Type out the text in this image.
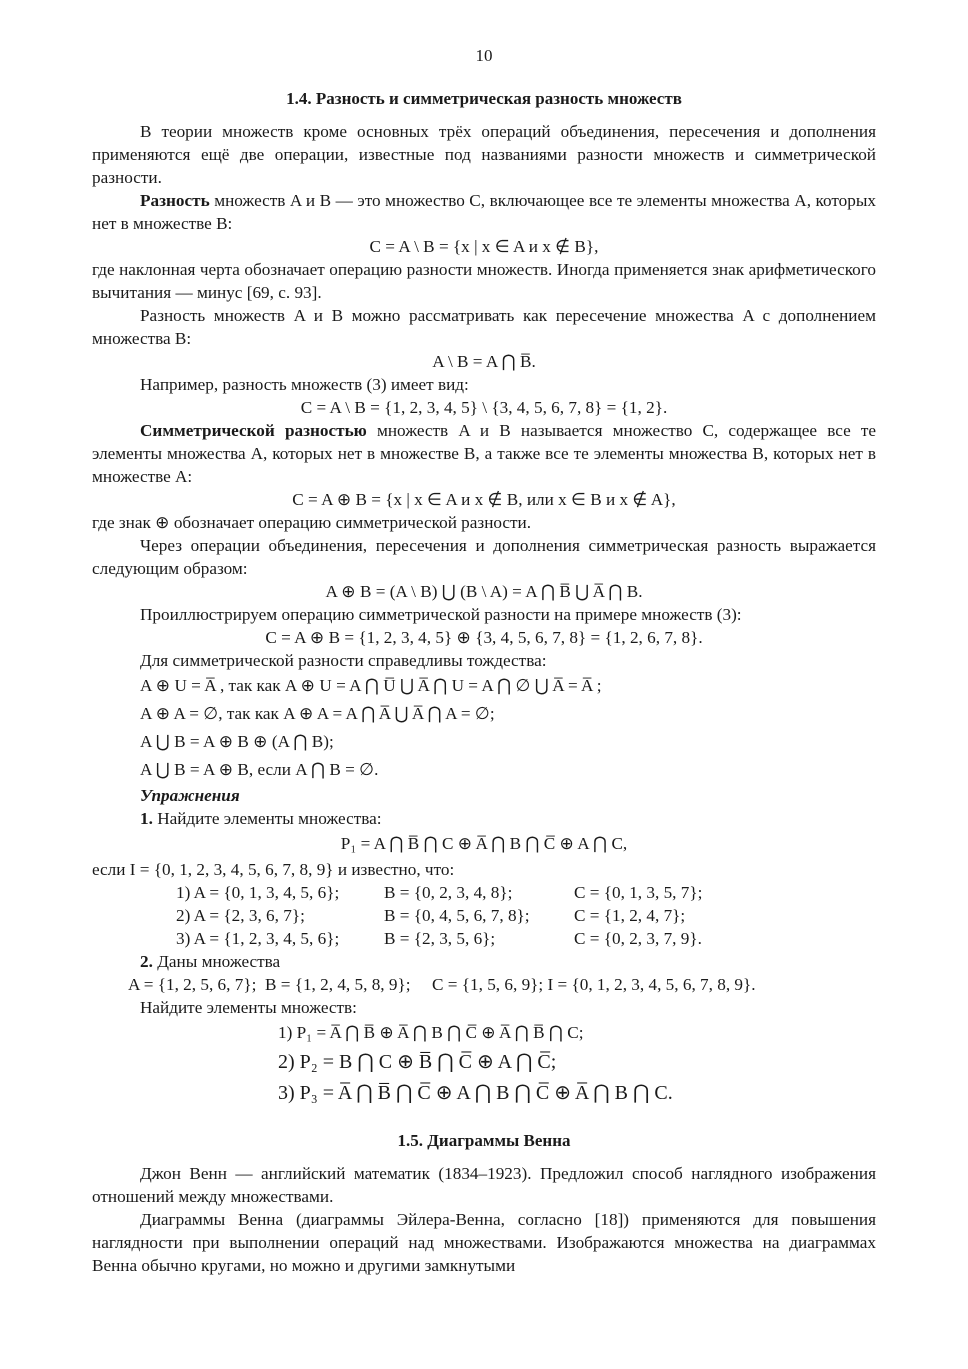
10
1.4. Разность и симметрическая разность множеств

В теории множеств кроме основных трёх операций объединения, пересечения и дополнения применяются ещё две операции, известные под названиями разности множеств и симметрической разности.

Разность множеств A и B — это множество C, включающее все те элементы множества A, которых нет в множестве B:

C = A \ B = {x | x ∈ A и x ∉ B},

где наклонная черта обозначает операцию разности множеств. Иногда применяется знак арифметического вычитания — минус [69, с. 93].

Разность множеств A и B можно рассматривать как пересечение множества A с дополнением множества B:

A \ B = A ⋂ B̅.

Например, разность множеств (3) имеет вид:

C = A \ B = {1, 2, 3, 4, 5} \ {3, 4, 5, 6, 7, 8} = {1, 2}.

Симметрической разностью множеств A и B называется множество C, содержащее все те элементы множества A, которых нет в множестве B, а также все те элементы множества B, которых нет в множестве A:

C = A ⊕ B = {x | x ∈ A и x ∉ B, или x ∈ B и x ∉ A},

где знак ⊕ обозначает операцию симметрической разности.

Через операции объединения, пересечения и дополнения симметрическая разность выражается следующим образом:

A ⊕ B = (A \ B) ⋃ (B \ A) = A ⋂ B̅ ⋃ A̅ ⋂ B.

Проиллюстрируем операцию симметрической разности на примере множеств (3):

C = A ⊕ B = {1, 2, 3, 4, 5} ⊕ {3, 4, 5, 6, 7, 8} = {1, 2, 6, 7, 8}.

Для симметрической разности справедливы тождества:

A ⊕ U = A̅ , так как A ⊕ U = A ⋂ U̅ ⋃ A̅ ⋂ U = A ⋂ ∅ ⋃ A̅ = A̅ ;

A ⊕ A = ∅, так как A ⊕ A = A ⋂ A̅ ⋃ A̅ ⋂ A = ∅;

A ⋃ B = A ⊕ B ⊕ (A ⋂ B);

A ⋃ B = A ⊕ B, если A ⋂ B = ∅.

Упражнения

1. Найдите элементы множества:

P₁ = A ⋂ B̅ ⋂ C ⊕ A̅ ⋂ B ⋂ C̅ ⊕ A ⋂ C,

если I = {0, 1, 2, 3, 4, 5, 6, 7, 8, 9} и известно, что:

1) A = {0, 1, 3, 4, 5, 6};	B = {0, 2, 3, 4, 8};	C = {0, 1, 3, 5, 7};
2) A = {2, 3, 6, 7};	B = {0, 4, 5, 6, 7, 8};	C = {1, 2, 4, 7};
3) A = {1, 2, 3, 4, 5, 6};	B = {2, 3, 5, 6};	C = {0, 2, 3, 7, 9}.

2. Даны множества

A = {1, 2, 5, 6, 7};  B = {1, 2, 4, 5, 8, 9};     C = {1, 5, 6, 9}; I = {0, 1, 2, 3, 4, 5, 6, 7, 8, 9}.

Найдите элементы множеств:

1) P₁ = A̅ ⋂ B̅ ⊕ A̅ ⋂ B ⋂ C̅ ⊕ A̅ ⋂ B̅ ⋂ C;

2) P₂ = B ⋂ C ⊕ B̅ ⋂ C̅ ⊕ A ⋂ C̅;

3) P₃ = A̅ ⋂ B̅ ⋂ C̅ ⊕ A ⋂ B ⋂ C̅ ⊕ A̅ ⋂ B ⋂ C.

1.5. Диаграммы Венна

Джон Венн — английский математик (1834–1923). Предложил способ наглядного изображения отношений между множествами.

Диаграммы Венна (диаграммы Эйлера-Венна, согласно [18]) применяются для повышения наглядности при выполнении операций над множествами. Изображаются множества на диаграммах Венна обычно кругами, но можно и другими замкнутыми
